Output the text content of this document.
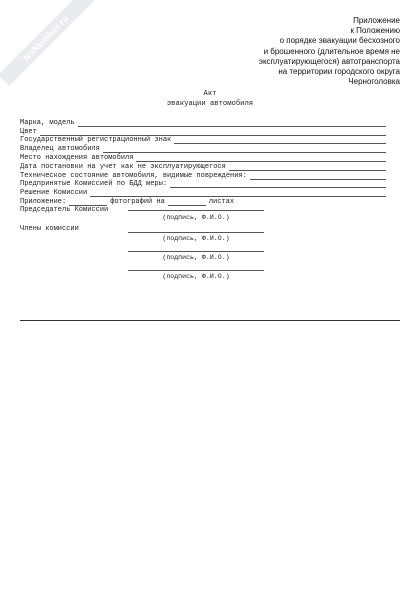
NoNumber.ru	Приложение
к Положению
о порядке эвакуации бесхозного
и брошенного (длительное время не
эксплуатирующегося) автотранспорта
на территории городского округа
Черноголовка
Акт
эвакуации автомобиля
Марка, модель
Цвет
Государственный регистрационный знак
Владелец автомобиля
Место нахождения автомобиля
Дата постановки на учет как не эксплуатирующегося
Техническое состояние автомобиля, видимые повреждения:
Предпринятые Комиссией по БДД меры:
Решение Комиссии
Приложение:	фотографий на	листах
Председатель Комиссии
(подпись, Ф.И.О.)
Члены комиссии
(подпись, Ф.И.О.)
(подпись, Ф.И.О.)
(подпись, Ф.И.О.)
